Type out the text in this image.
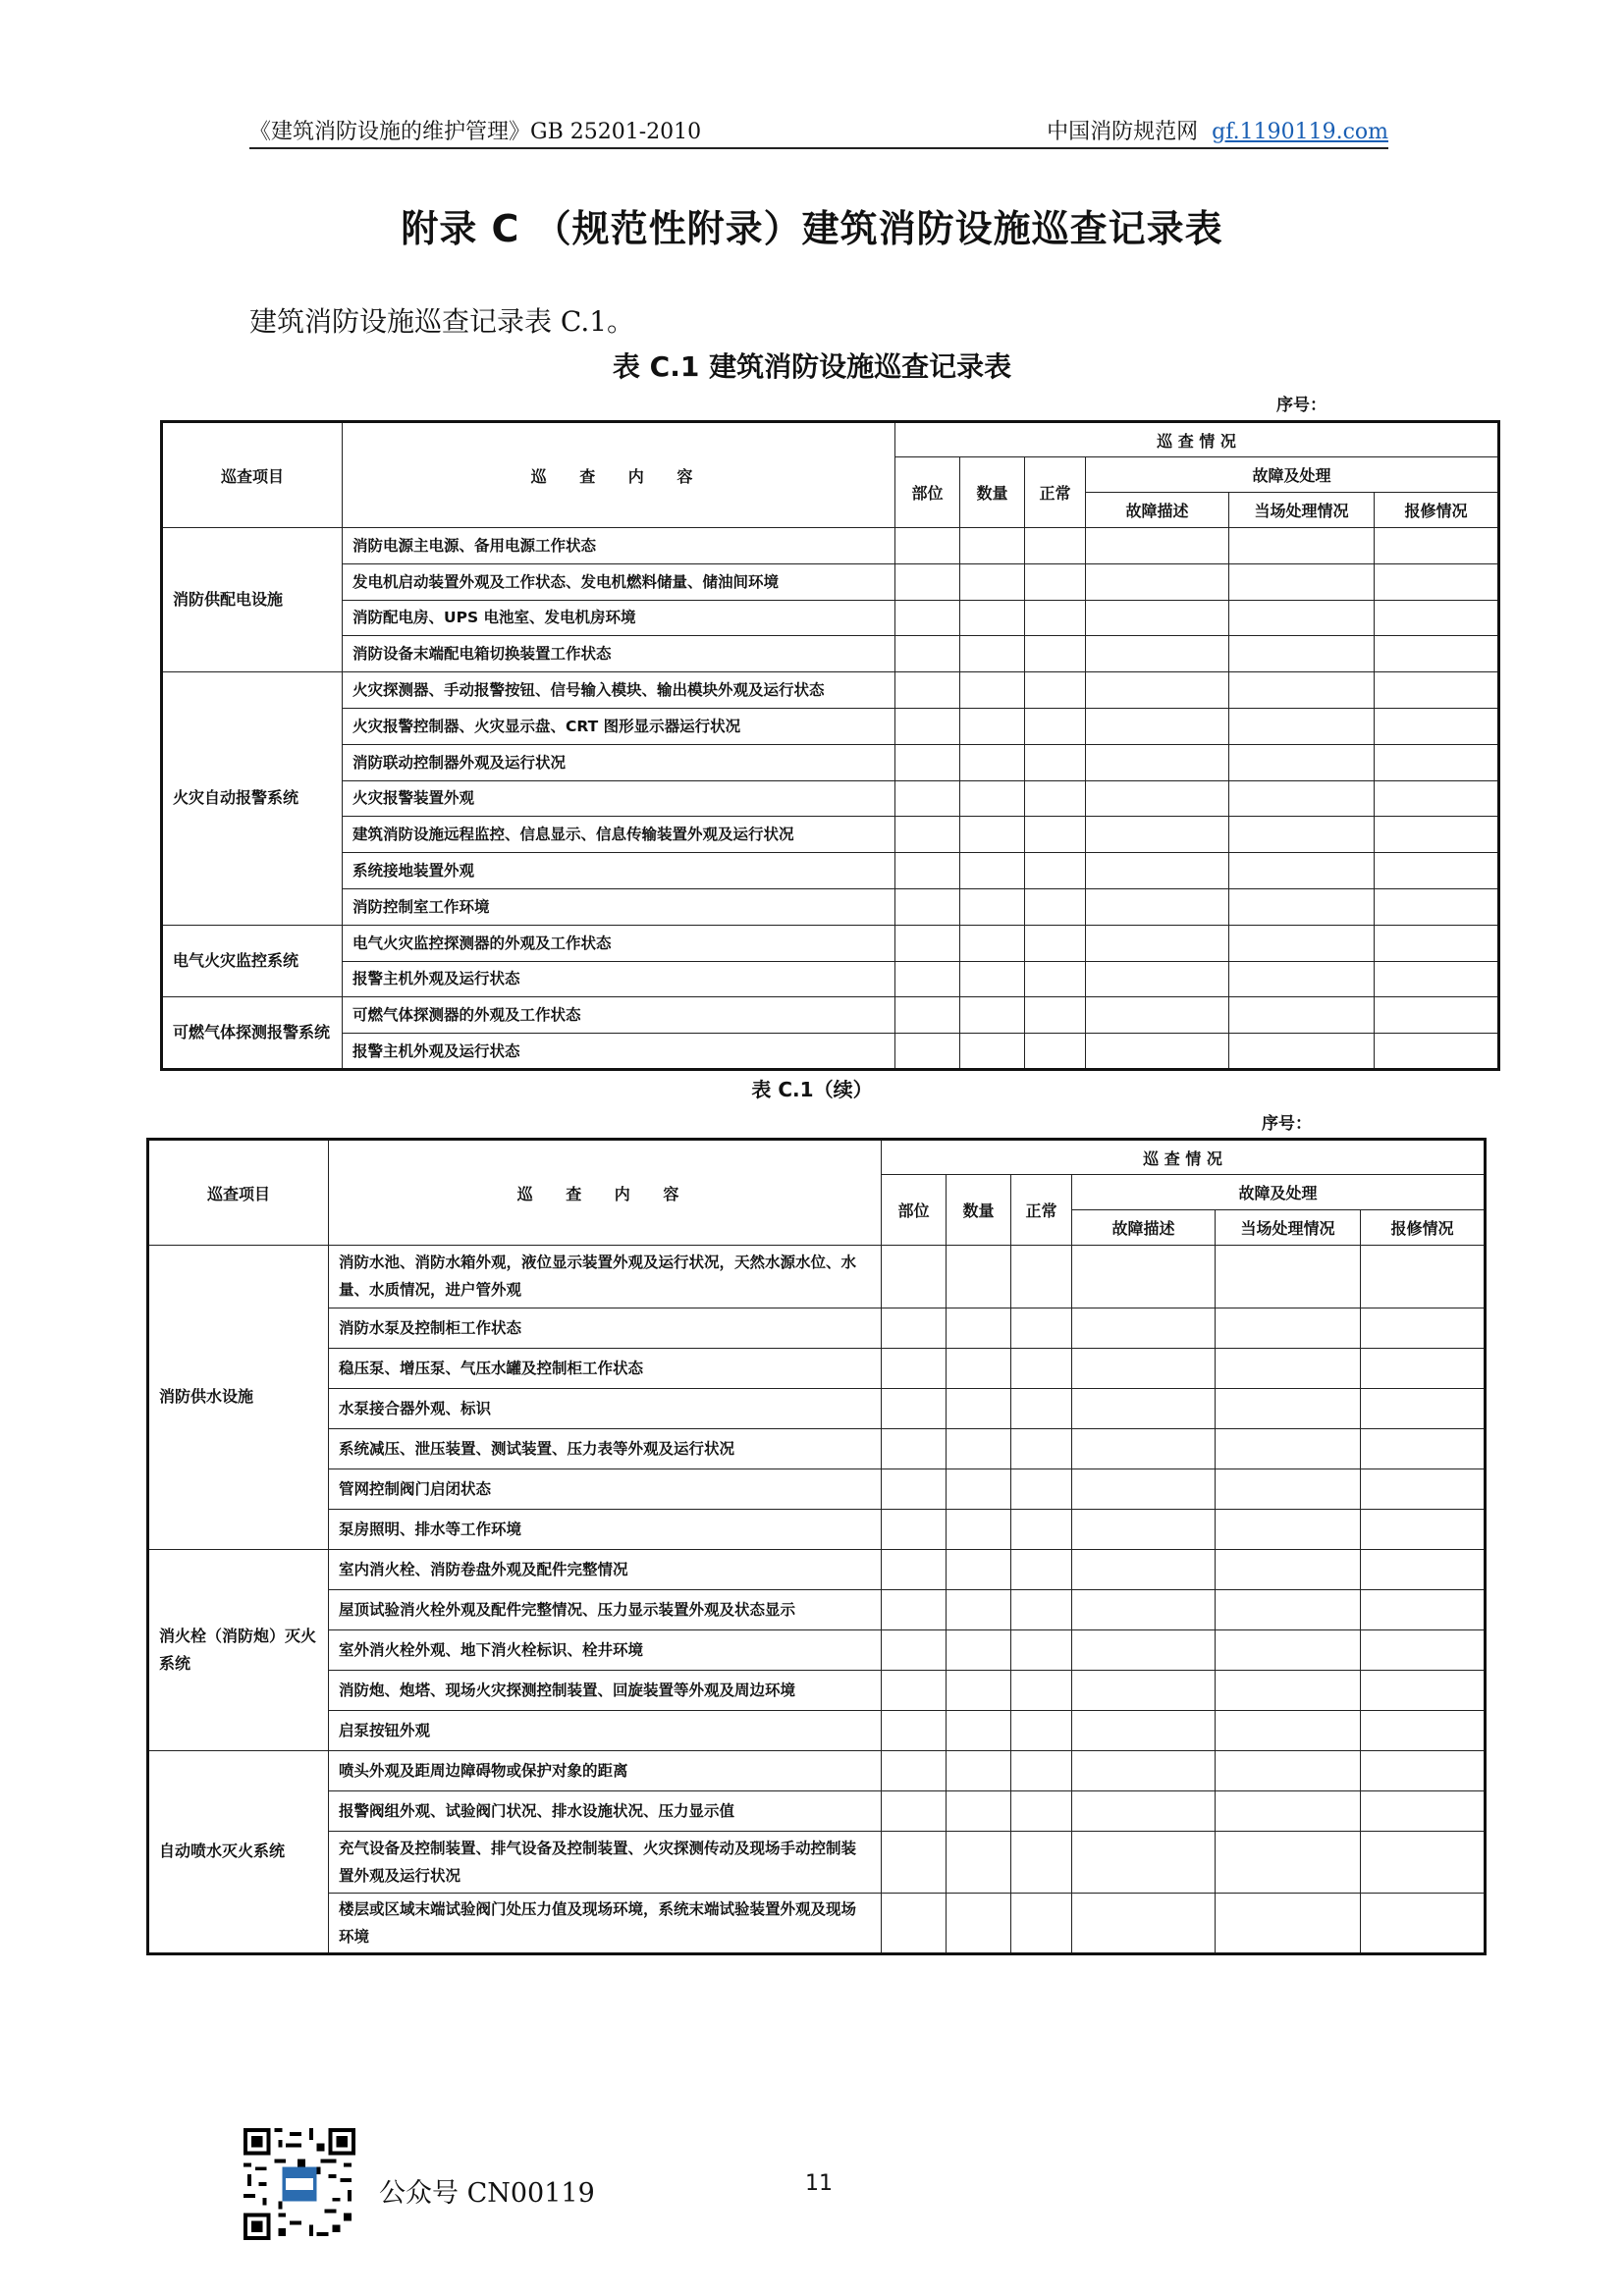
《建筑消防设施的维护管理》GB 25201-2010	中国消防规范网 gf.1190119.com
附录 C （规范性附录）建筑消防设施巡查记录表
建筑消防设施巡查记录表 C.1。
表 C.1 建筑消防设施巡查记录表
序号：
巡查项目	巡 查 内 容	巡 查 情 况					
		部位	数量	正常	故障及处理		
					故障描述	当场处理情况	报修情况
消防供配电设施	消防电源主电源、备用电源工作状态						
	发电机启动装置外观及工作状态、发电机燃料储量、储油间环境						
	消防配电房、UPS 电池室、发电机房环境						
	消防设备末端配电箱切换装置工作状态						
火灾自动报警系统	火灾探测器、手动报警按钮、信号输入模块、输出模块外观及运行状态						
	火灾报警控制器、火灾显示盘、CRT 图形显示器运行状况						
	消防联动控制器外观及运行状况						
	火灾报警装置外观						
	建筑消防设施远程监控、信息显示、信息传输装置外观及运行状况						
	系统接地装置外观						
	消防控制室工作环境						
电气火灾监控系统	电气火灾监控探测器的外观及工作状态						
	报警主机外观及运行状态						
可燃气体探测报警系统	可燃气体探测器的外观及工作状态						
	报警主机外观及运行状态						
表 C.1（续）
序号：
巡查项目	巡 查 内 容	巡 查 情 况					
		部位	数量	正常	故障及处理		
					故障描述	当场处理情况	报修情况
消防供水设施	消防水池、消防水箱外观，液位显示装置外观及运行状况，天然水源水位、水量、水质情况，进户管外观						
	消防水泵及控制柜工作状态						
	稳压泵、增压泵、气压水罐及控制柜工作状态						
	水泵接合器外观、标识						
	系统减压、泄压装置、测试装置、压力表等外观及运行状况						
	管网控制阀门启闭状态						
	泵房照明、排水等工作环境						
消火栓（消防炮）灭火系统	室内消火栓、消防卷盘外观及配件完整情况						
	屋顶试验消火栓外观及配件完整情况、压力显示装置外观及状态显示						
	室外消火栓外观、地下消火栓标识、栓井环境						
	消防炮、炮塔、现场火灾探测控制装置、回旋装置等外观及周边环境						
	启泵按钮外观						
自动喷水灭火系统	喷头外观及距周边障碍物或保护对象的距离						
	报警阀组外观、试验阀门状况、排水设施状况、压力显示值						
	充气设备及控制装置、排气设备及控制装置、火灾探测传动及现场手动控制装置外观及运行状况						
	楼层或区域末端试验阀门处压力值及现场环境，系统末端试验装置外观及现场环境						
公众号 CN00119	11
